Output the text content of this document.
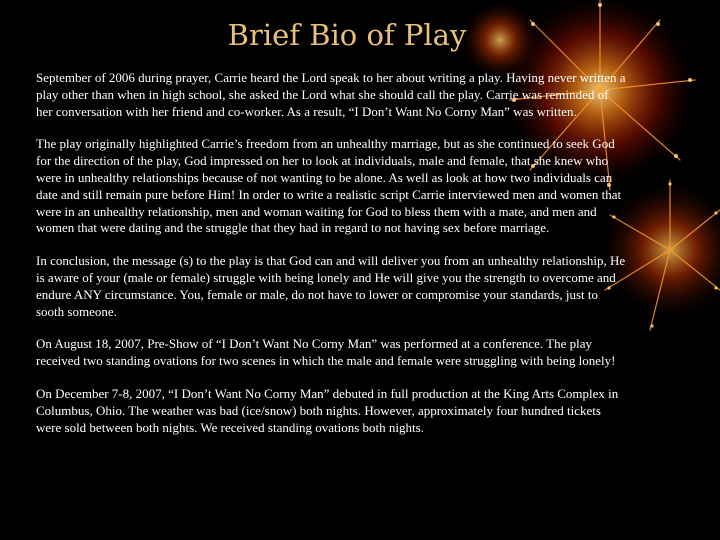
Brief Bio of Play

September of 2006 during prayer, Carrie heard the Lord speak to her about writing a play. Having never written a play other than when in high school, she asked the Lord what she should call the play. Carrie was reminded of her conversation with her friend and co-worker. As a result, “I Don’t Want No Corny Man” was written.

The play originally highlighted Carrie’s freedom from an unhealthy marriage, but as she continued to seek God for the direction of the play, God impressed on her to look at individuals, male and female, that she knew who were in unhealthy relationships because of not wanting to be alone. As well as look at how two individuals can date and still remain pure before Him! In order to write a realistic script Carrie interviewed men and women that were in an unhealthy relationship, men and woman waiting for God to bless them with a mate, and men and women that were dating and the struggle that they had in regard to not having sex before marriage.

In conclusion, the message (s) to the play is that God can and will deliver you from an unhealthy relationship, He is aware of your (male or female) struggle with being lonely and He will give you the strength to overcome and endure ANY circumstance. You, female or male, do not have to lower or compromise your standards, just to sooth someone.

On August 18, 2007, Pre-Show of “I Don’t Want No Corny Man” was performed at a conference. The play received two standing ovations for two scenes in which the male and female were struggling with being lonely!

On December 7-8, 2007, “I Don’t Want No Corny Man” debuted in full production at the King Arts Complex in Columbus, Ohio. The weather was bad (ice/snow) both nights. However, approximately four hundred tickets were sold between both nights. We received standing ovations both nights.
